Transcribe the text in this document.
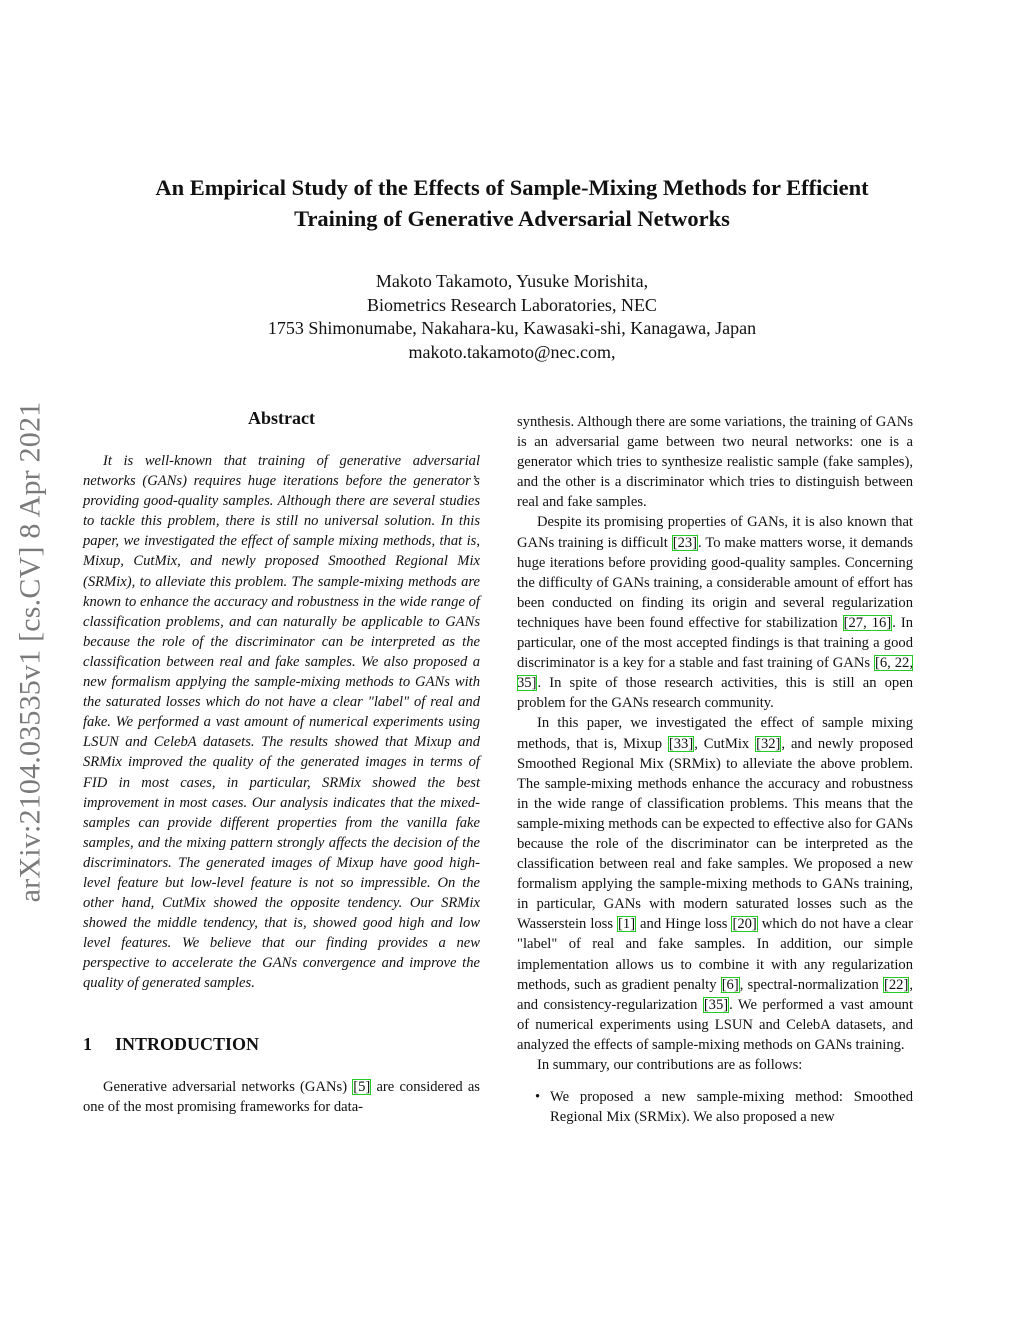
arXiv:2104.03535v1 [cs.CV] 8 Apr 2021
An Empirical Study of the Effects of Sample-Mixing Methods for Efficient
Training of Generative Adversarial Networks
Makoto Takamoto, Yusuke Morishita,
Biometrics Research Laboratories, NEC
1753 Shimonumabe, Nakahara-ku, Kawasaki-shi, Kanagawa, Japan
makoto.takamoto@nec.com,
Abstract

It is well-known that training of generative adversarial networks (GANs) requires huge iterations before the generator’s providing good-quality samples. Although there are several studies to tackle this problem, there is still no universal solution. In this paper, we investigated the effect of sample mixing methods, that is, Mixup, CutMix, and newly proposed Smoothed Regional Mix (SRMix), to alleviate this problem. The sample-mixing methods are known to enhance the accuracy and robustness in the wide range of classification problems, and can naturally be applicable to GANs because the role of the discriminator can be interpreted as the classification between real and fake samples. We also proposed a new formalism applying the sample-mixing methods to GANs with the saturated losses which do not have a clear "label" of real and fake. We performed a vast amount of numerical experiments using LSUN and CelebA datasets. The results showed that Mixup and SRMix improved the quality of the generated images in terms of FID in most cases, in particular, SRMix showed the best improvement in most cases. Our analysis indicates that the mixed-samples can provide different properties from the vanilla fake samples, and the mixing pattern strongly affects the decision of the discriminators. The generated images of Mixup have good high-level feature but low-level feature is not so impressible. On the other hand, CutMix showed the opposite tendency. Our SRMix showed the middle tendency, that is, showed good high and low level features. We believe that our finding provides a new perspective to accelerate the GANs convergence and improve the quality of generated samples.

1 INTRODUCTION

Generative adversarial networks (GANs) [5] are considered as one of the most promising frameworks for data-

synthesis. Although there are some variations, the training of GANs is an adversarial game between two neural networks: one is a generator which tries to synthesize realistic sample (fake samples), and the other is a discriminator which tries to distinguish between real and fake samples.

Despite its promising properties of GANs, it is also known that GANs training is difficult [23]. To make matters worse, it demands huge iterations before providing good-quality samples. Concerning the difficulty of GANs training, a considerable amount of effort has been conducted on finding its origin and several regularization techniques have been found effective for stabilization [27, 16]. In particular, one of the most accepted findings is that training a good discriminator is a key for a stable and fast training of GANs [6, 22, 35]. In spite of those research activities, this is still an open problem for the GANs research community.

In this paper, we investigated the effect of sample mixing methods, that is, Mixup [33], CutMix [32], and newly proposed Smoothed Regional Mix (SRMix) to alleviate the above problem. The sample-mixing methods enhance the accuracy and robustness in the wide range of classification problems. This means that the sample-mixing methods can be expected to effective also for GANs because the role of the discriminator can be interpreted as the classification between real and fake samples. We proposed a new formalism applying the sample-mixing methods to GANs training, in particular, GANs with modern saturated losses such as the Wasserstein loss [1] and Hinge loss [20] which do not have a clear "label" of real and fake samples. In addition, our simple implementation allows us to combine it with any regularization methods, such as gradient penalty [6], spectral-normalization [22], and consistency-regularization [35]. We performed a vast amount of numerical experiments using LSUN and CelebA datasets, and analyzed the effects of sample-mixing methods on GANs training.

In summary, our contributions are as follows:

• We proposed a new sample-mixing method: Smoothed Regional Mix (SRMix). We also proposed a new
